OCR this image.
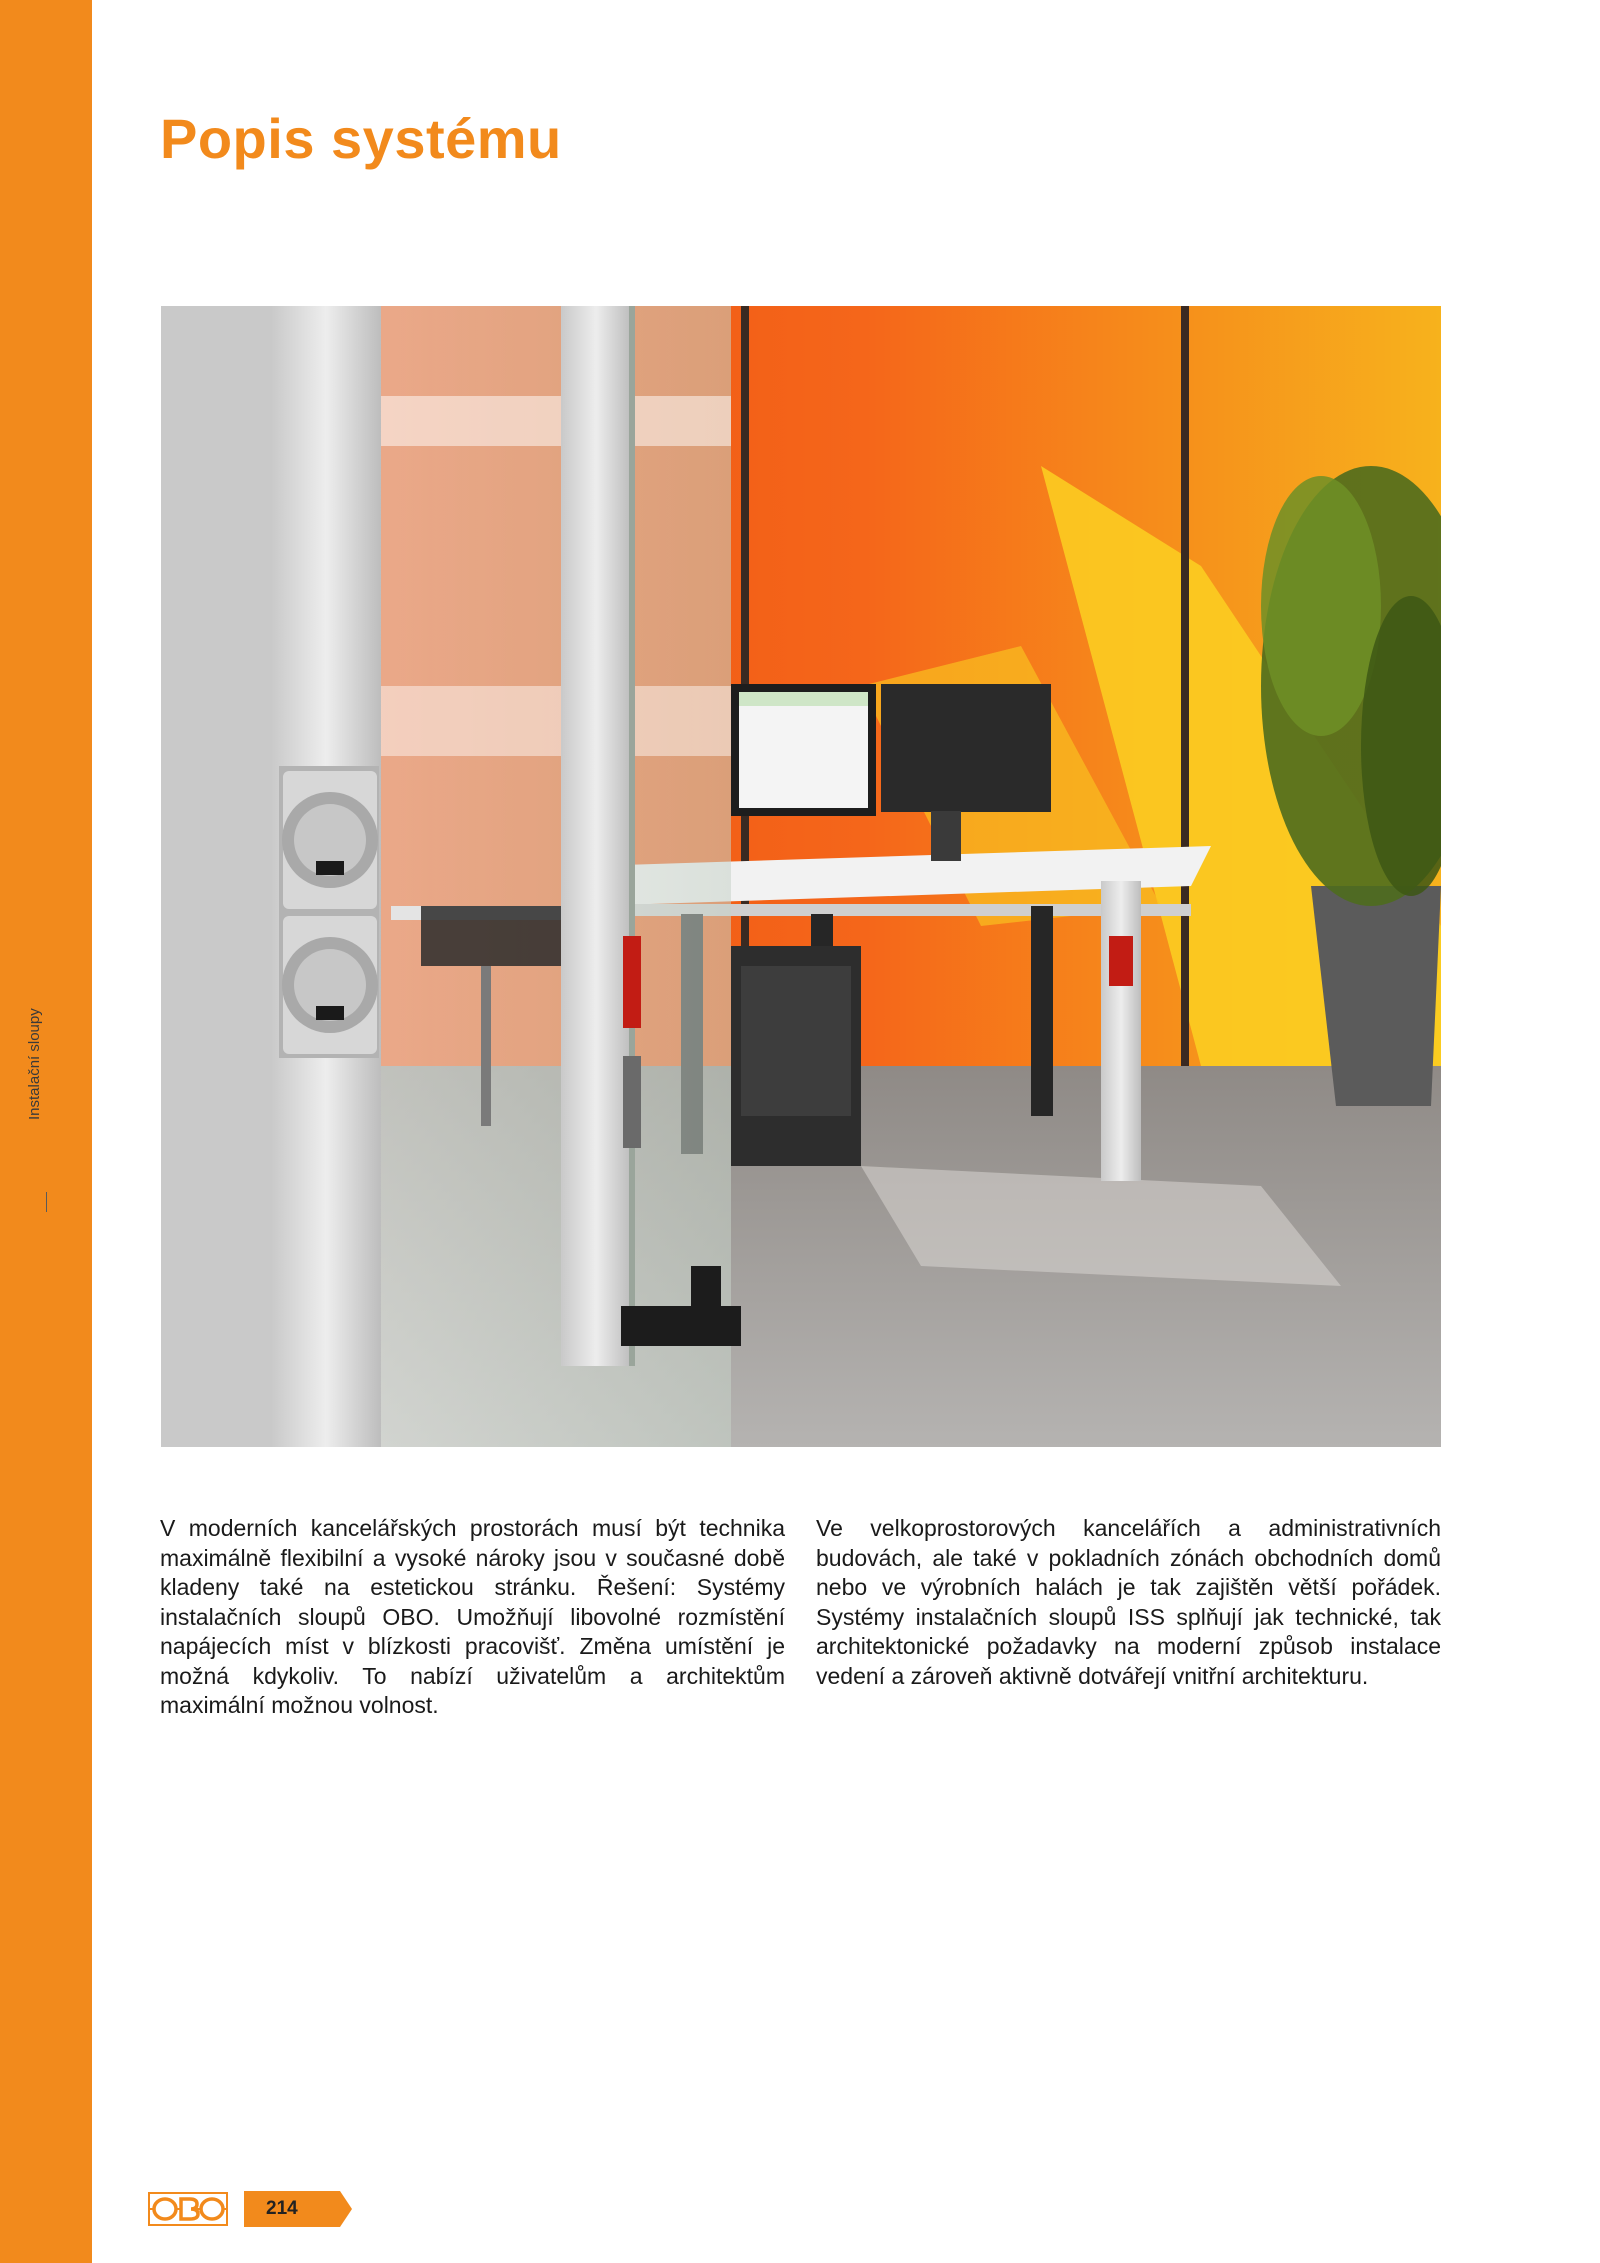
Instalační sloupy
Popis systému

V moderních kancelářských prostorách musí být technika maximálně flexibilní a vysoké nároky jsou v současné době kladeny také na estetickou stránku. Řešení: Systémy instalačních sloupů OBO. Umožňují libovolné rozmístění napájecích míst v blízkosti pracovišť. Změna umístění je možná kdykoliv. To nabízí uživatelům a architektům maximální možnou volnost.

Ve velkoprostorových kancelářích a administrativních budovách, ale také v pokladních zónách obchodních domů nebo ve výrobních halách je tak zajištěn větší pořádek. Systémy instalačních sloupů ISS splňují jak technické, tak architektonické požadavky na moderní způsob instalace vedení a zároveň aktivně dotvářejí vnitřní architekturu.

214
